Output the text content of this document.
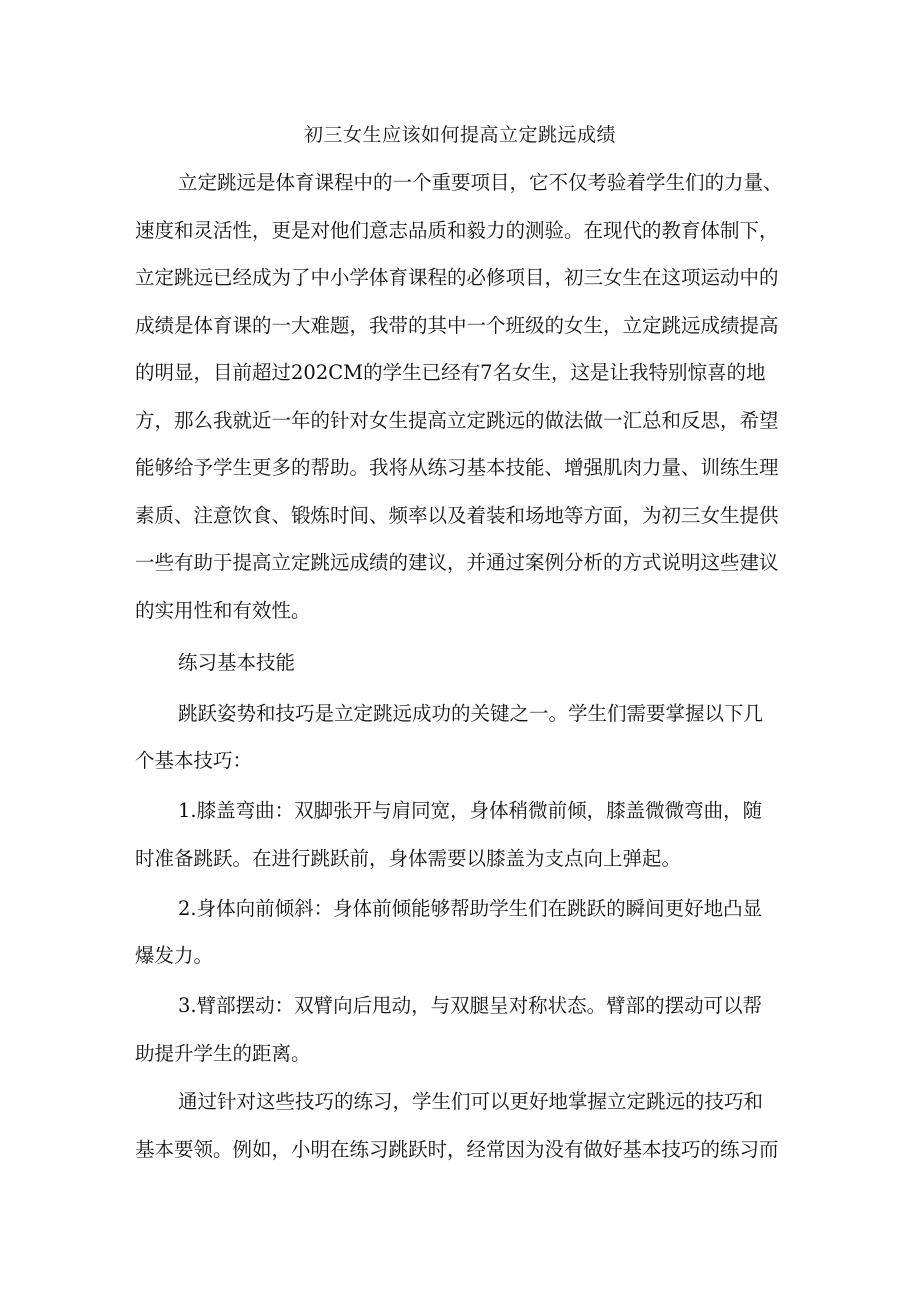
初三女生应该如何提高立定跳远成绩
立定跳远是体育课程中的一个重要项目，它不仅考验着学生们的力量、
速度和灵活性，更是对他们意志品质和毅力的测验。在现代的教育体制下，
立定跳远已经成为了中小学体育课程的必修项目，初三女生在这项运动中的
成绩是体育课的一大难题，我带的其中一个班级的女生，立定跳远成绩提高
的明显，目前超过202CM的学生已经有7名女生，这是让我特别惊喜的地
方，那么我就近一年的针对女生提高立定跳远的做法做一汇总和反思，希望
能够给予学生更多的帮助。我将从练习基本技能、增强肌肉力量、训练生理
素质、注意饮食、锻炼时间、频率以及着装和场地等方面，为初三女生提供
一些有助于提高立定跳远成绩的建议，并通过案例分析的方式说明这些建议
的实用性和有效性。
练习基本技能
跳跃姿势和技巧是立定跳远成功的关键之一。学生们需要掌握以下几
个基本技巧：
1.膝盖弯曲：双脚张开与肩同宽，身体稍微前倾，膝盖微微弯曲，随
时准备跳跃。在进行跳跃前，身体需要以膝盖为支点向上弹起。
2.身体向前倾斜：身体前倾能够帮助学生们在跳跃的瞬间更好地凸显
爆发力。
3.臂部摆动：双臂向后甩动，与双腿呈对称状态。臂部的摆动可以帮
助提升学生的距离。
通过针对这些技巧的练习，学生们可以更好地掌握立定跳远的技巧和
基本要领。例如，小明在练习跳跃时，经常因为没有做好基本技巧的练习而
